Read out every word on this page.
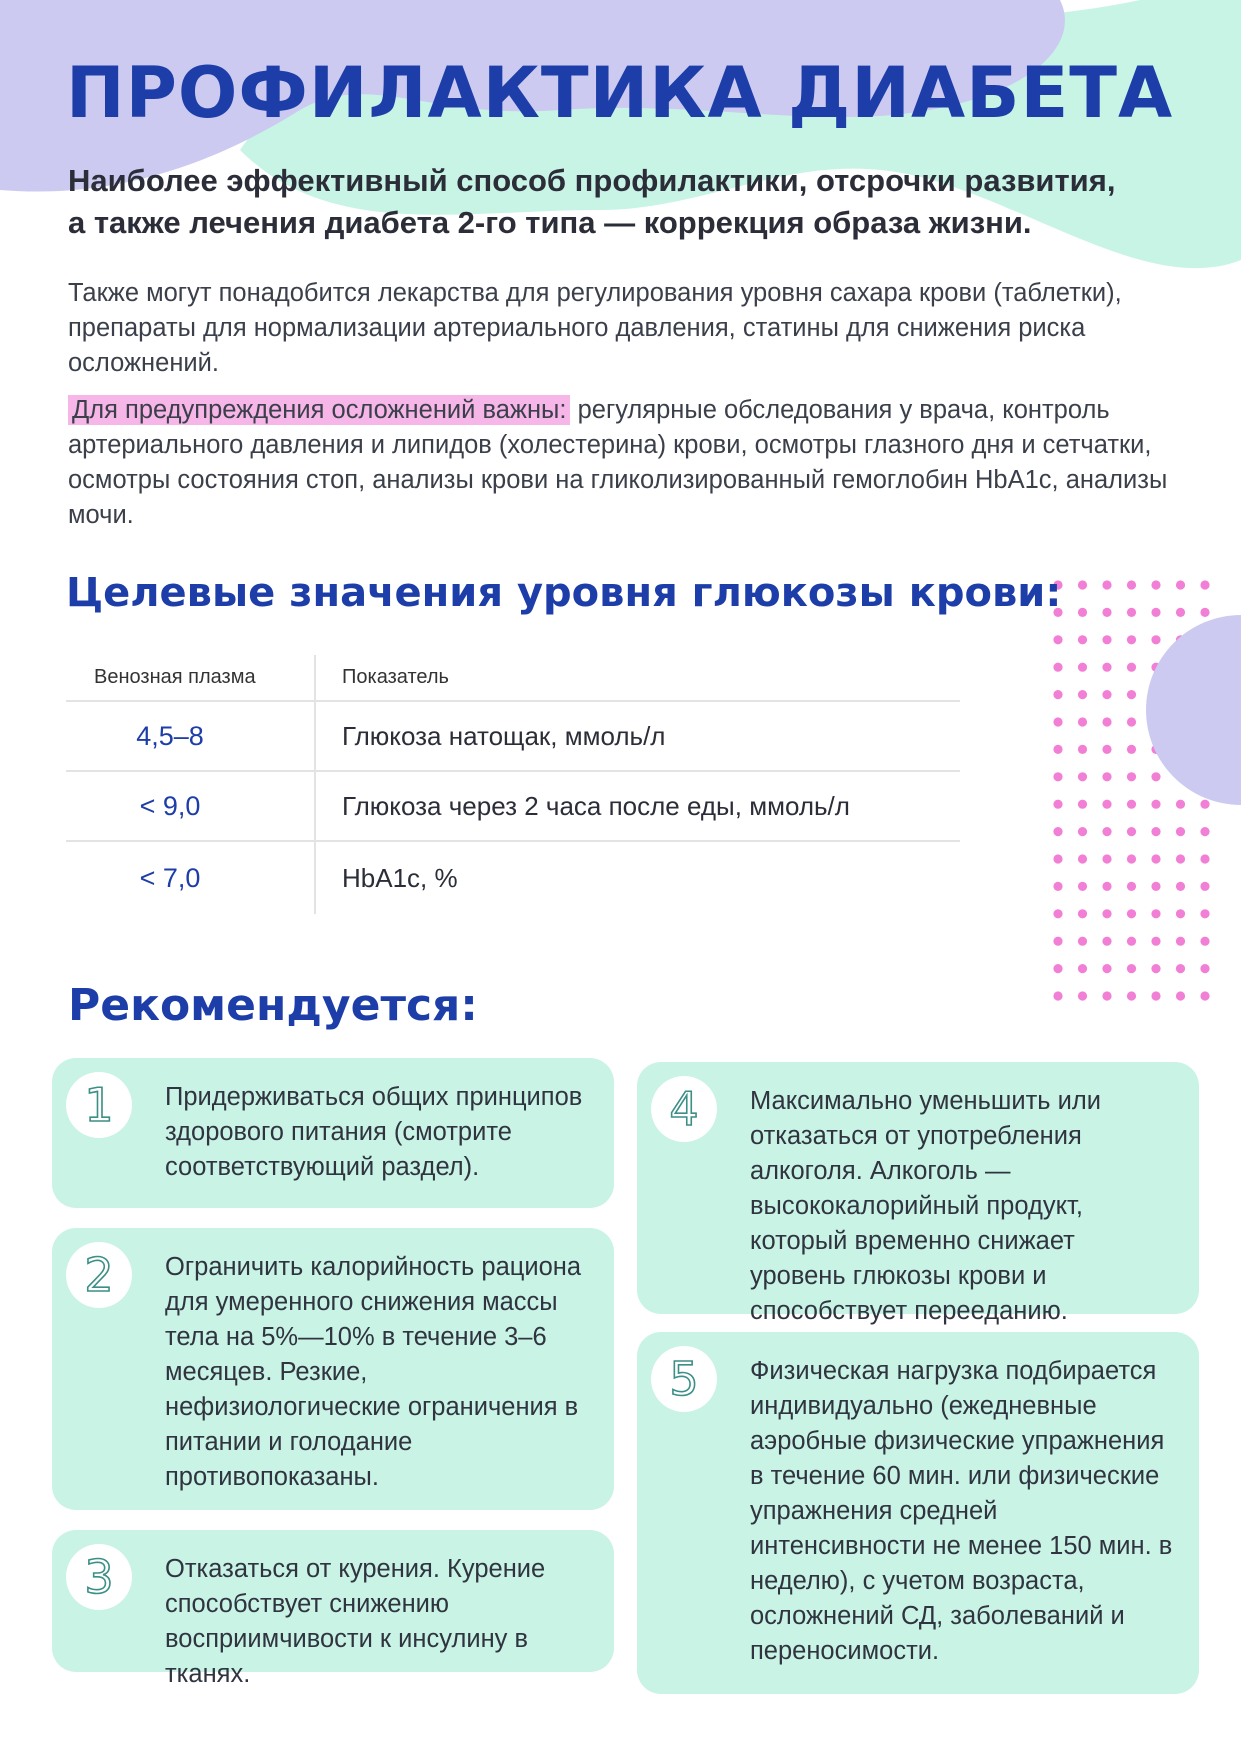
ПРОФИЛАКТИКА ДИАБЕТА

Наиболее эффективный способ профилактики, отсрочки развития,
а также лечения диабета 2-го типа — коррекция образа жизни.

Также могут понадобится лекарства для регулирования уровня сахара крови (таблетки), препараты для нормализации артериального давления, статины для снижения риска осложнений.

Для предупреждения осложнений важны: регулярные обследования у врача, контроль артериального давления и липидов (холестерина) крови, осмотры глазного дня и сетчатки, осмотры состояния стоп, анализы крови на гликолизированный гемоглобин HbA1c, анализы мочи.

Целевые значения уровня глюкозы крови:
Венозная плазма	Показатель
4,5–8	Глюкоза натощак, ммоль/л
< 9,0	Глюкоза через 2 часа после еды, ммоль/л
< 7,0	HbA1c, %
Рекомендуется:
1	Придерживаться общих принципов здорового питания (смотрите соответствующий раздел).

2	Ограничить калорийность рациона для умеренного снижения массы тела на 5%—10% в течение 3–6 месяцев. Резкие, нефизиологические ограничения в питании и голодание противопоказаны.

3	Отказаться от курения. Курение способствует снижению восприимчивости к инсулину в тканях.

4	Максимально уменьшить или отказаться от употребления алкоголя. Алкоголь —высококалорийный продукт, который временно снижает уровень глюкозы крови и способствует перееданию.

5	Физическая нагрузка подбирается индивидуально (ежедневные аэробные физические упражнения в течение 60 мин. или физические упражнения средней интенсивности не менее 150 мин. в неделю), с учетом возраста, осложнений СД, заболеваний и переносимости.
